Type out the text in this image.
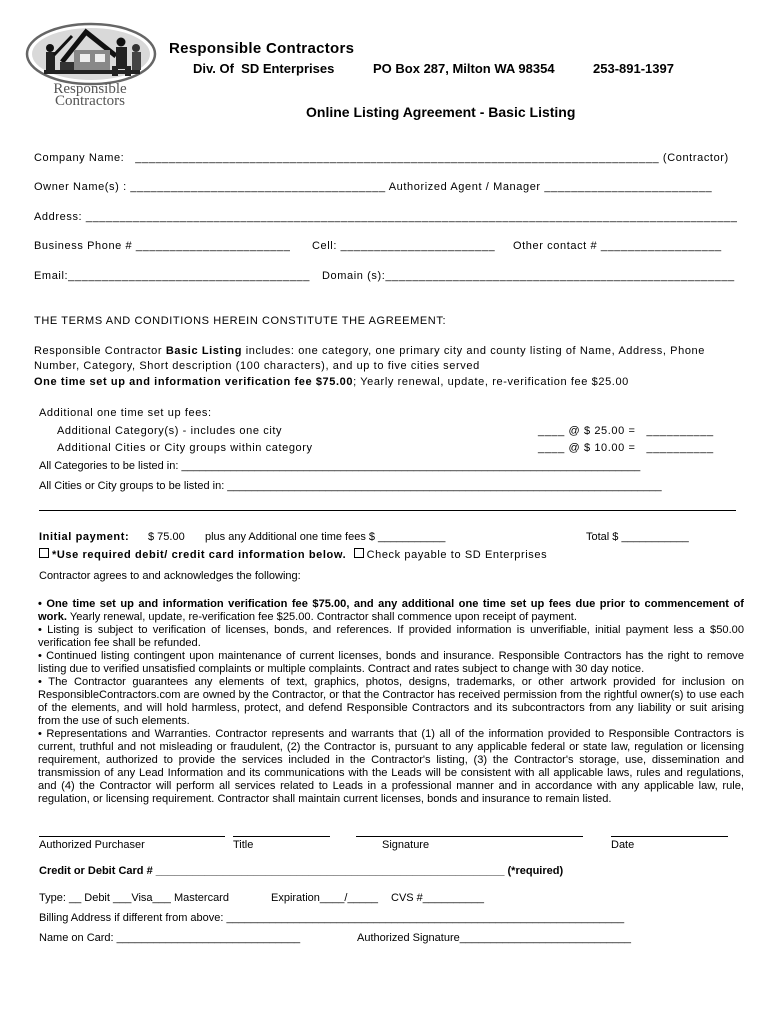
Responsible
Contractors
Responsible Contractors
Div. Of  SD Enterprises	PO Box 287, Milton WA 98354	253-891-1397
Online Listing Agreement - Basic Listing
Company Name:   ______________________________________________________________________________ (Contractor)
Owner Name(s) : ______________________________________ Authorized Agent / Manager _________________________
Address: _________________________________________________________________________________________________
Business Phone # _______________________ Cell: _______________________ Other contact # __________________
Email:____________________________________ Domain (s):____________________________________________________
THE TERMS AND CONDITIONS HEREIN CONSTITUTE THE AGREEMENT:
Responsible Contractor Basic Listing includes: one category, one primary city and county listing of Name, Address, Phone
Number, Category, Short description (100 characters), and up to five cities served
One time set up and information verification fee $75.00; Yearly renewal, update, re-verification fee $25.00
Additional one time set up fees:
Additional Category(s) - includes one city	____ @ $ 25.00 =   __________
Additional Cities or City groups within category	____ @ $ 10.00 =   __________
All Categories to be listed in: ___________________________________________________________________________
All Cities or City groups to be listed in: _______________________________________________________________________
Initial payment: $ 75.00 plus any Additional one time fees $ ___________	Total $ ___________
*Use required debit/ credit card information below. Check payable to SD Enterprises
Contractor agrees to and acknowledges the following:

• One time set up and information verification fee $75.00, and any additional one time set up fees due prior to commencement of work. Yearly renewal, update, re-verification fee $25.00. Contractor shall commence upon receipt of payment.

• Listing is subject to verification of licenses, bonds, and references. If provided information is unverifiable, initial payment less a $50.00 verification fee shall be refunded.

• Continued listing contingent upon maintenance of current licenses, bonds and insurance. Responsible Contractors has the right to remove listing due to verified unsatisfied complaints or multiple complaints. Contract and rates subject to change with 30 day notice.

• The Contractor guarantees any elements of text, graphics, photos, designs, trademarks, or other artwork provided for inclusion on ResponsibleContractors.com are owned by the Contractor, or that the Contractor has received permission from the rightful owner(s) to use each of the elements, and will hold harmless, protect, and defend Responsible Contractors and its subcontractors from any liability or suit arising from the use of such elements.

• Representations and Warranties. Contractor represents and warrants that (1) all of the information provided to Responsible Contractors is current, truthful and not misleading or fraudulent, (2) the Contractor is, pursuant to any applicable federal or state law, regulation or licensing requirement, authorized to provide the services included in the Contractor's listing, (3) the Contractor's storage, use, dissemination and transmission of any Lead Information and its communications with the Leads will be consistent with all applicable laws, rules and regulations, and (4) the Contractor will perform all services related to Leads in a professional manner and in accordance with any applicable law, rule, regulation, or licensing requirement. Contractor shall maintain current licenses, bonds and insurance to remain listed.

Authorized Purchaser	Title	Signature	Date
Credit or Debit Card # _________________________________________________________ (*required)
Type: __ Debit ___Visa___ Mastercard	Expiration____/_____ CVS #__________
Billing Address if different from above: _________________________________________________________________
Name on Card: ______________________________	Authorized Signature____________________________
